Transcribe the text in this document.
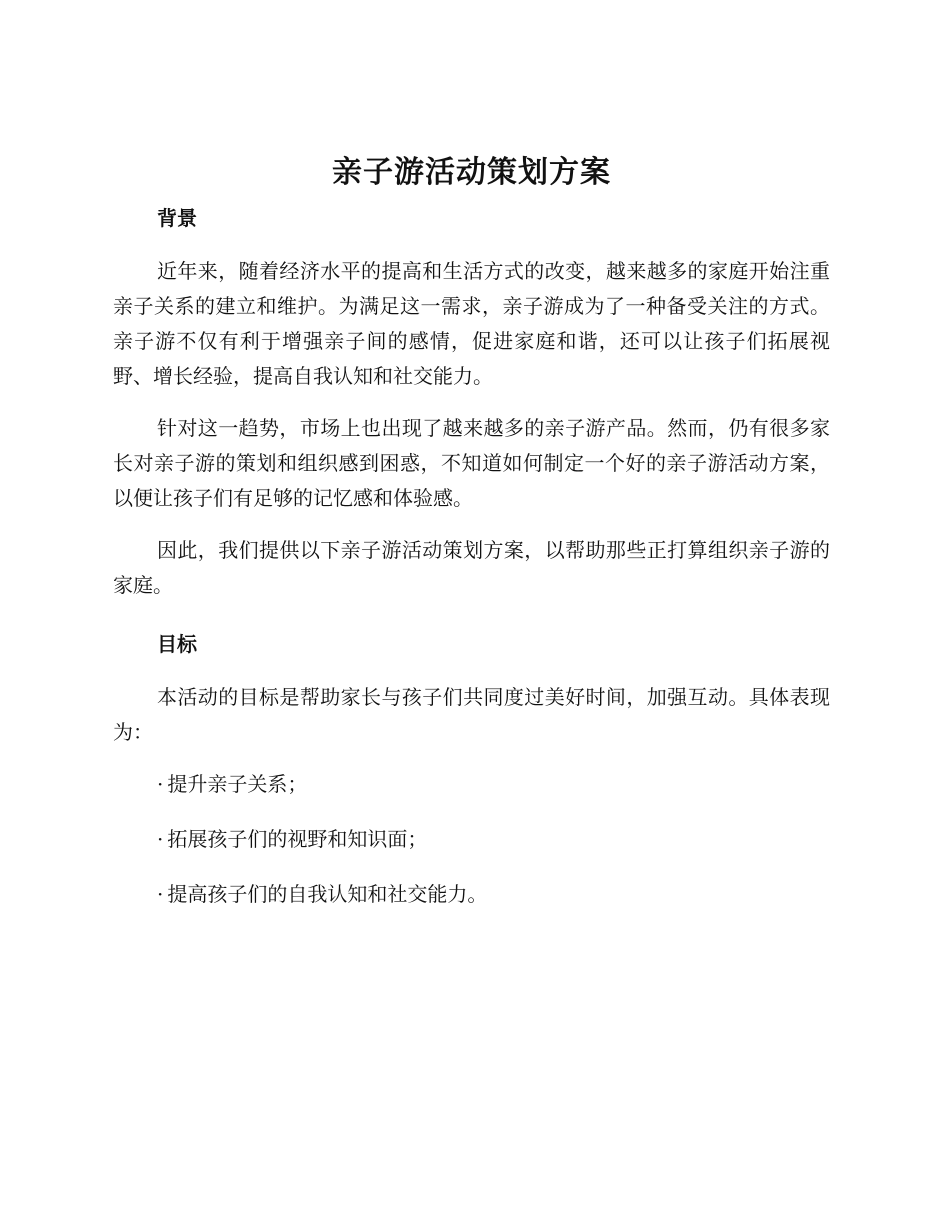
亲子游活动策划方案
背景

近年来，随着经济水平的提高和生活方式的改变，越来越多的家庭开始注重亲子关系的建立和维护。为满足这一需求，亲子游成为了一种备受关注的方式。亲子游不仅有利于增强亲子间的感情，促进家庭和谐，还可以让孩子们拓展视野、增长经验，提高自我认知和社交能力。

针对这一趋势，市场上也出现了越来越多的亲子游产品。然而，仍有很多家长对亲子游的策划和组织感到困惑，不知道如何制定一个好的亲子游活动方案，以便让孩子们有足够的记忆感和体验感。

因此，我们提供以下亲子游活动策划方案，以帮助那些正打算组织亲子游的家庭。

目标

本活动的目标是帮助家长与孩子们共同度过美好时间，加强互动。具体表现为：

· 提升亲子关系；
· 拓展孩子们的视野和知识面；
· 提高孩子们的自我认知和社交能力。
